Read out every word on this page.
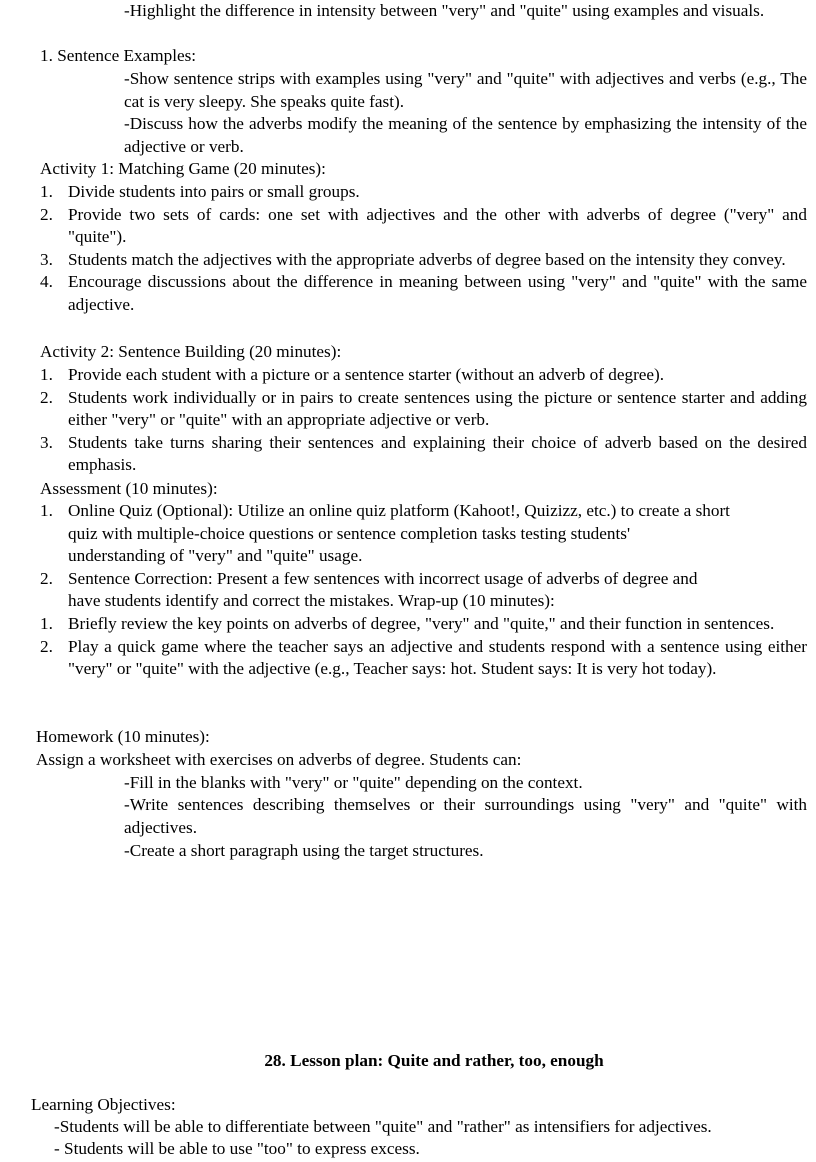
-Highlight the difference in intensity between "very" and "quite" using examples and visuals.

1. Sentence Examples:

-Show sentence strips with examples using "very" and "quite" with adjectives and verbs (e.g., The cat is very sleepy. She speaks quite fast).

-Discuss how the adverbs modify the meaning of the sentence by emphasizing the intensity of the adjective or verb.

Activity 1: Matching Game (20 minutes):

1. Divide students into pairs or small groups.
2. Provide two sets of cards: one set with adjectives and the other with adverbs of degree ("very" and "quite").
3. Students match the adjectives with the appropriate adverbs of degree based on the intensity they convey.
4. Encourage discussions about the difference in meaning between using "very" and "quite" with the same adjective.

Activity 2: Sentence Building (20 minutes):

1. Provide each student with a picture or a sentence starter (without an adverb of degree).
2. Students work individually or in pairs to create sentences using the picture or sentence starter and adding either "very" or "quite" with an appropriate adjective or verb.
3. Students take turns sharing their sentences and explaining their choice of adverb based on the desired emphasis.

Assessment (10 minutes):

1. Online Quiz (Optional): Utilize an online quiz platform (Kahoot!, Quizizz, etc.) to create a short
quiz with multiple-choice questions or sentence completion tasks testing students'
understanding of "very" and "quite" usage.
2. Sentence Correction: Present a few sentences with incorrect usage of adverbs of degree and
have students identify and correct the mistakes. Wrap-up (10 minutes):
1. Briefly review the key points on adverbs of degree, "very" and "quite," and their function in sentences.
2. Play a quick game where the teacher says an adjective and students respond with a sentence using either "very" or "quite" with the adjective (e.g., Teacher says: hot. Student says: It is very hot today).

Homework (10 minutes):

Assign a worksheet with exercises on adverbs of degree. Students can:

-Fill in the blanks with "very" or "quite" depending on the context.

-Write sentences describing themselves or their surroundings using "very" and "quite" with adjectives.

-Create a short paragraph using the target structures.

28. Lesson plan: Quite and rather, too, enough

Learning Objectives:

-Students will be able to differentiate between "quite" and "rather" as intensifiers for adjectives.

- Students will be able to use "too" to express excess.
